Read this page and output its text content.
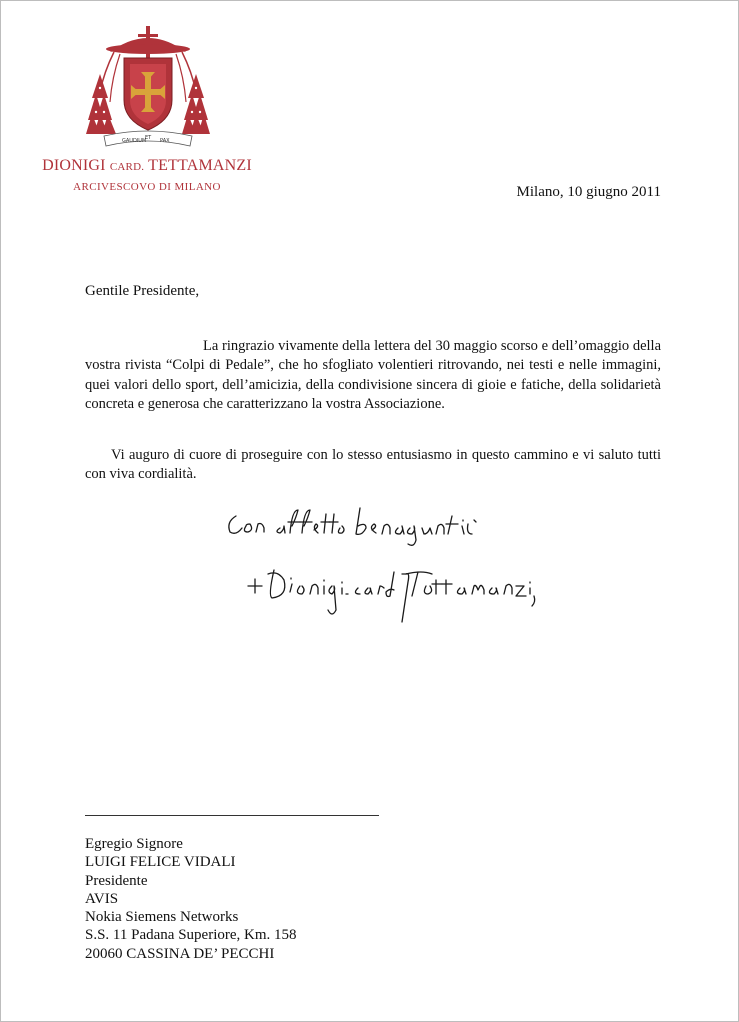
GAUDIUM
ET PAX
DIONIGI CARD. TETTAMANZI
ARCIVESCOVO DI MILANO	Milano, 10 giugno 2011
Gentile Presidente,

La ringrazio vivamente della lettera del 30 maggio scorso e dell’omaggio della vostra rivista “Colpi di Pedale”, che ho sfogliato volentieri ritrovando, nei testi e nelle immagini, quei valori dello sport, dell’amicizia, della condivisione sincera di gioie e fatiche, della solidarietà concreta e generosa che caratterizzano la vostra Associazione.

Vi auguro di cuore di proseguire con lo stesso entusiasmo in questo cammino e vi saluto tutti con viva cordialità.

Egregio Signore
LUIGI FELICE VIDALI
Presidente
AVIS
Nokia Siemens Networks
S.S. 11 Padana Superiore, Km. 158
20060 CASSINA DE’ PECCHI
